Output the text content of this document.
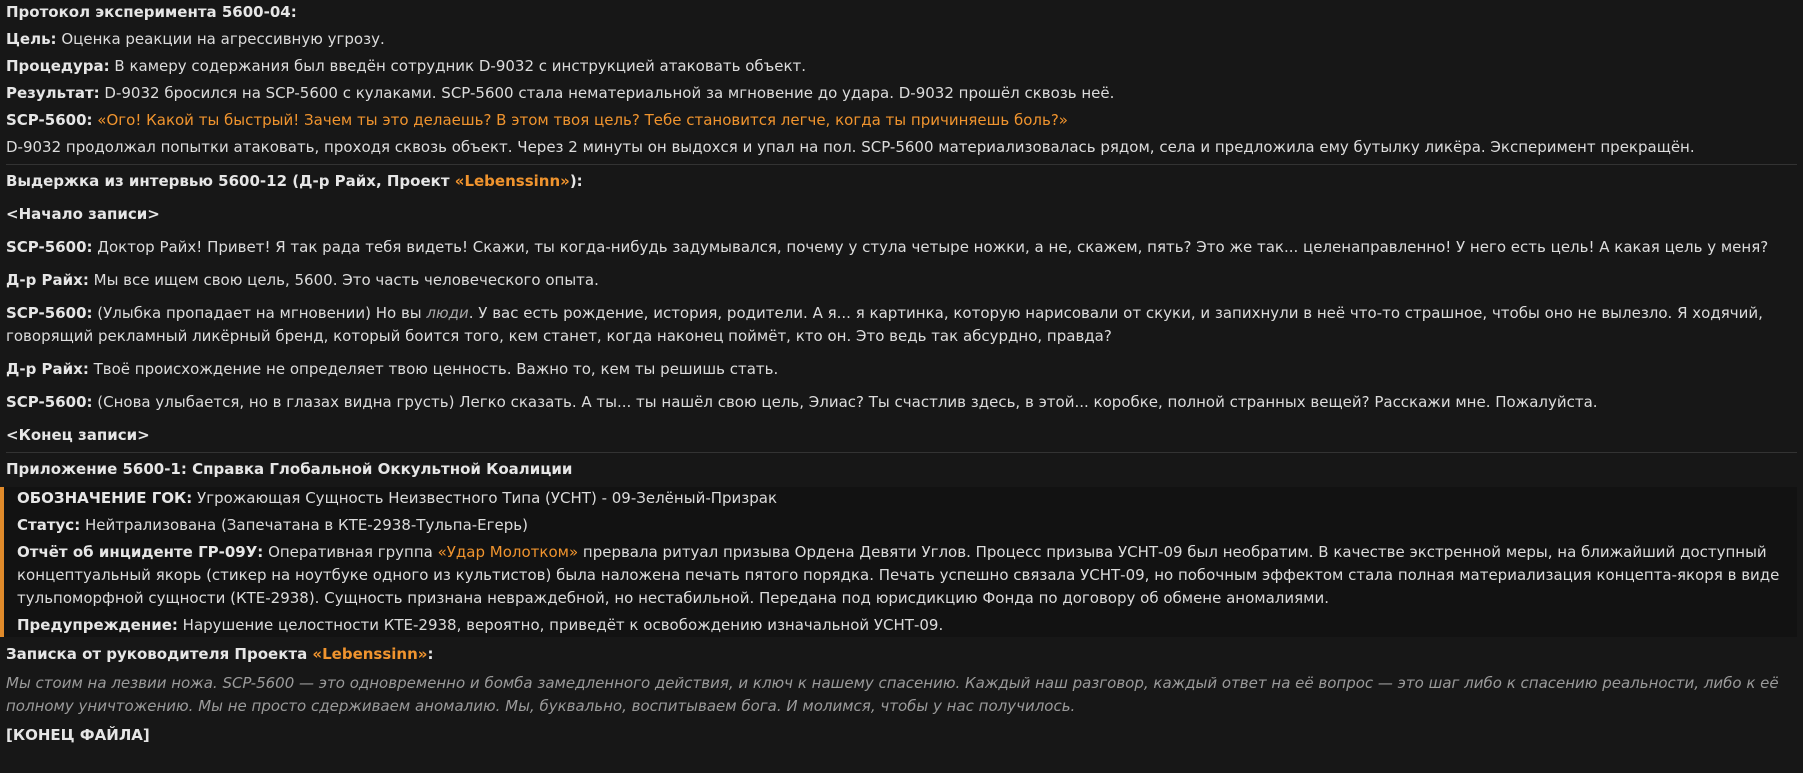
Протокол эксперимента 5600-04:

Цель: Оценка реакции на агрессивную угрозу.

Процедура: В камеру содержания был введён сотрудник D-9032 с инструкцией атаковать объект.

Результат: D-9032 бросился на SCP-5600 с кулаками. SCP-5600 стала нематериальной за мгновение до удара. D-9032 прошёл сквозь неё.

SCP-5600: «Ого! Какой ты быстрый! Зачем ты это делаешь? В этом твоя цель? Тебе становится легче, когда ты причиняешь боль?»

D-9032 продолжал попытки атаковать, проходя сквозь объект. Через 2 минуты он выдохся и упал на пол. SCP-5600 материализовалась рядом, села и предложила ему бутылку ликёра. Эксперимент прекращён.

Выдержка из интервью 5600-12 (Д-р Райх, Проект «Lebenssinn»):

<Начало записи>

SCP-5600: Доктор Райх! Привет! Я так рада тебя видеть! Скажи, ты когда-нибудь задумывался, почему у стула четыре ножки, а не, скажем, пять? Это же так... целенаправленно! У него есть цель! А какая цель у меня?

Д-р Райх: Мы все ищем свою цель, 5600. Это часть человеческого опыта.

SCP-5600: (Улыбка пропадает на мгновении) Но вы люди. У вас есть рождение, история, родители. А я... я картинка, которую нарисовали от скуки, и запихнули в неё что-то страшное, чтобы оно не вылезло. Я ходячий, говорящий рекламный ликёрный бренд, который боится того, кем станет, когда наконец поймёт, кто он. Это ведь так абсурдно, правда?

Д-р Райх: Твоё происхождение не определяет твою ценность. Важно то, кем ты решишь стать.

SCP-5600: (Снова улыбается, но в глазах видна грусть) Легко сказать. А ты... ты нашёл свою цель, Элиас? Ты счастлив здесь, в этой... коробке, полной странных вещей? Расскажи мне. Пожалуйста.

<Конец записи>

Приложение 5600-1: Справка Глобальной Оккультной Коалиции

ОБОЗНАЧЕНИЕ ГОК: Угрожающая Сущность Неизвестного Типа (УСНТ) - 09-Зелёный-Призрак

Статус: Нейтрализована (Запечатана в КТЕ-2938-Тульпа-Егерь)

Отчёт об инциденте ГР-09У: Оперативная группа «Удар Молотком» прервала ритуал призыва Ордена Девяти Углов. Процесс призыва УСНТ-09 был необратим. В качестве экстренной меры, на ближайший доступный концептуальный якорь (стикер на ноутбуке одного из культистов) была наложена печать пятого порядка. Печать успешно связала УСНТ-09, но побочным эффектом стала полная материализация концепта-якоря в виде тульпоморфной сущности (КТЕ-2938). Сущность признана невраждебной, но нестабильной. Передана под юрисдикцию Фонда по договору об обмене аномалиями.

Предупреждение: Нарушение целостности КТЕ-2938, вероятно, приведёт к освобождению изначальной УСНТ-09.

Записка от руководителя Проекта «Lebenssinn»:

Мы стоим на лезвии ножа. SCP-5600 — это одновременно и бомба замедленного действия, и ключ к нашему спасению. Каждый наш разговор, каждый ответ на её вопрос — это шаг либо к спасению реальности, либо к её полному уничтожению. Мы не просто сдерживаем аномалию. Мы, буквально, воспитываем бога. И молимся, чтобы у нас получилось.

[КОНЕЦ ФАЙЛА]
